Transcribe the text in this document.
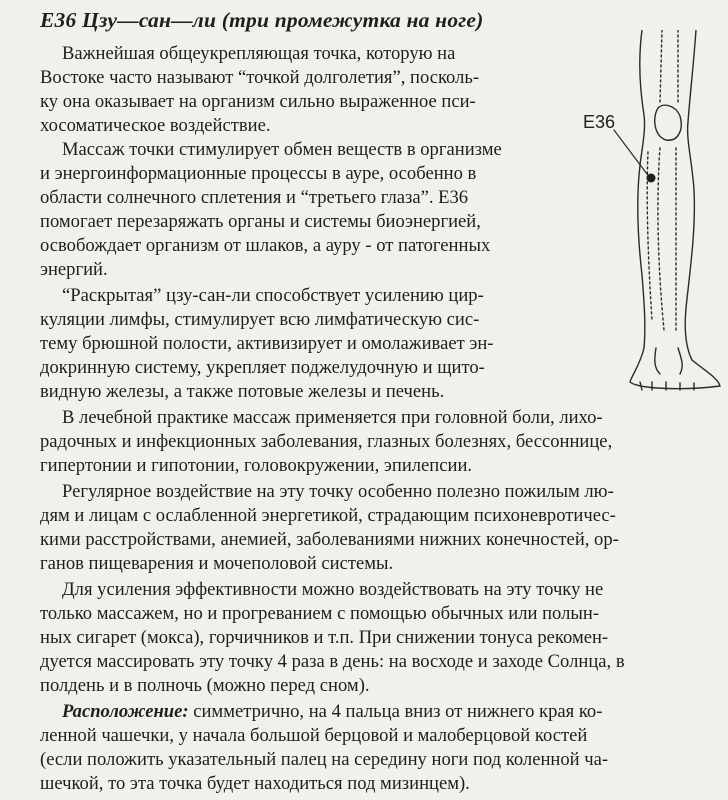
· · · · · · · ·
Е36 Цзу—сан—ли (три промежутка на ноге)
Е36
Важнейшая общеукрепляющая точка, которую на
Востоке часто называют “точкой долголетия”, посколь-
ку она оказывает на организм сильно выраженное пси-
хосоматическое воздействие.
Массаж точки стимулирует обмен веществ в организме
и энергоинформационные процессы в ауре, особенно в
области солнечного сплетения и “третьего глаза”. Е36
помогает перезаряжать органы и системы биоэнергией,
освобождает организм от шлаков, а ауру - от патогенных
энергий.
“Раскрытая” цзу-сан-ли способствует усилению цир-
куляции лимфы, стимулирует всю лимфатическую сис-
тему брюшной полости, активизирует и омолаживает эн-
докринную систему, укрепляет поджелудочную и щито-
видную железы, а также потовые железы и печень.
В лечебной практике массаж применяется при головной боли, лихо-
радочных и инфекционных заболевания, глазных болезнях, бессоннице,
гипертонии и гипотонии, головокружении, эпилепсии.
Регулярное воздействие на эту точку особенно полезно пожилым лю-
дям и лицам с ослабленной энергетикой, страдающим психоневротичес-
кими расстройствами, анемией, заболеваниями нижних конечностей, ор-
ганов пищеварения и мочеполовой системы.
Для усиления эффективности можно воздействовать на эту точку не
только массажем, но и прогреванием с помощью обычных или полын-
ных сигарет (мокса), горчичников и т.п. При снижении тонуса рекомен-
дуется массировать эту точку 4 раза в день: на восходе и заходе Солнца, в
полдень и в полночь (можно перед сном).
Расположение: симметрично, на 4 пальца вниз от нижнего края ко-
ленной чашечки, у начала большой берцовой и малоберцовой костей
(если положить указательный палец на середину ноги под коленной ча-
шечкой, то эта точка будет находиться под мизинцем).
